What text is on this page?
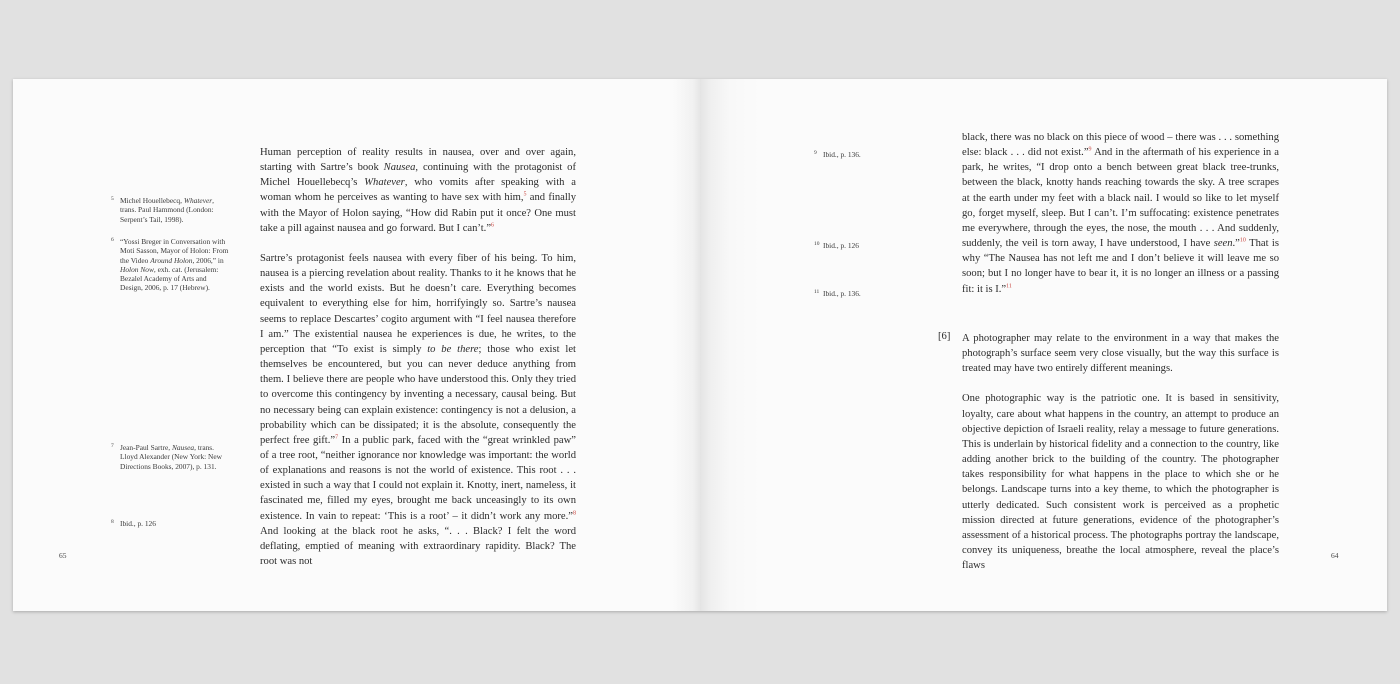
5 Michel Houellebecq, Whatever, trans. Paul Hammond (London: Serpent’s Tail, 1998).
6 “Yossi Breger in Conversation with Moti Sasson, Mayor of Holon: From the Video Around Holon, 2006,” in Holon Now, exh. cat. (Jerusalem: Bezalel Academy of Arts and Design, 2006, p. 17 (Hebrew).
7 Jean-Paul Sartre, Nausea, trans. Lloyd Alexander (New York: New Directions Books, 2007), p. 131.
8 Ibid., p. 126

Human perception of reality results in nausea, over and over again, starting with Sartre’s book Nausea, continuing with the protagonist of Michel Houellebecq’s Whatever, who vomits after speaking with a woman whom he perceives as wanting to have sex with him,$^5$ and finally with the Mayor of Holon saying, “How did Rabin put it once? One must take a pill against nausea and go forward. But I can’t.”$^6$

Sartre’s protagonist feels nausea with every fiber of his being. To him, nausea is a piercing revelation about reality. Thanks to it he knows that he exists and the world exists. But he doesn’t care. Everything becomes equivalent to everything else for him, horrifyingly so. Sartre’s nausea seems to replace Descartes’ cogito argument with “I feel nausea therefore I am.” The existential nausea he experiences is due, he writes, to the perception that “To exist is simply to be there; those who exist let themselves be encountered, but you can never deduce anything from them. I believe there are people who have understood this. Only they tried to overcome this contingency by inventing a necessary, causal being. But no necessary being can explain existence: contingency is not a delusion, a probability which can be dissipated; it is the absolute, consequently the perfect free gift.”$^7$ In a public park, faced with the “great wrinkled paw” of a tree root, “neither ignorance nor knowledge was important: the world of explanations and reasons is not the world of existence. This root . . . existed in such a way that I could not explain it. Knotty, inert, nameless, it fascinated me, filled my eyes, brought me back unceasingly to its own existence. In vain to repeat: ‘This is a root’ – it didn’t work any more.”$^8$ And looking at the black root he asks, “. . . Black? I felt the word deflating, emptied of meaning with extraordinary rapidity. Black? The root was not

65
9 Ibid., p. 136.
10 Ibid., p. 126
11 Ibid., p. 136.

black, there was no black on this piece of wood – there was . . . something else: black . . . did not exist.”$^9$ And in the aftermath of his experience in a park, he writes, “I drop onto a bench between great black tree-trunks, between the black, knotty hands reaching towards the sky. A tree scrapes at the earth under my feet with a black nail. I would so like to let myself go, forget myself, sleep. But I can’t. I’m suffocating: existence penetrates me everywhere, through the eyes, the nose, the mouth . . . And suddenly, suddenly, the veil is torn away, I have understood, I have seen.”$^{10}$ That is why “The Nausea has not left me and I don’t believe it will leave me so soon; but I no longer have to bear it, it is no longer an illness or a passing fit: it is I.”$^{11}$

[6] A photographer may relate to the environment in a way that makes the photograph’s surface seem very close visually, but the way this surface is treated may have two entirely different meanings.

One photographic way is the patriotic one. It is based in sensitivity, loyalty, care about what happens in the country, an attempt to produce an objective depiction of Israeli reality, relay a message to future generations. This is underlain by historical fidelity and a connection to the country, like adding another brick to the building of the country. The photographer takes responsibility for what happens in the place to which she or he belongs. Landscape turns into a key theme, to which the photographer is utterly dedicated. Such consistent work is perceived as a prophetic mission directed at future generations, evidence of the photographer’s assessment of a historical process. The photographs portray the landscape, convey its uniqueness, breathe the local atmosphere, reveal the place’s flaws

64
